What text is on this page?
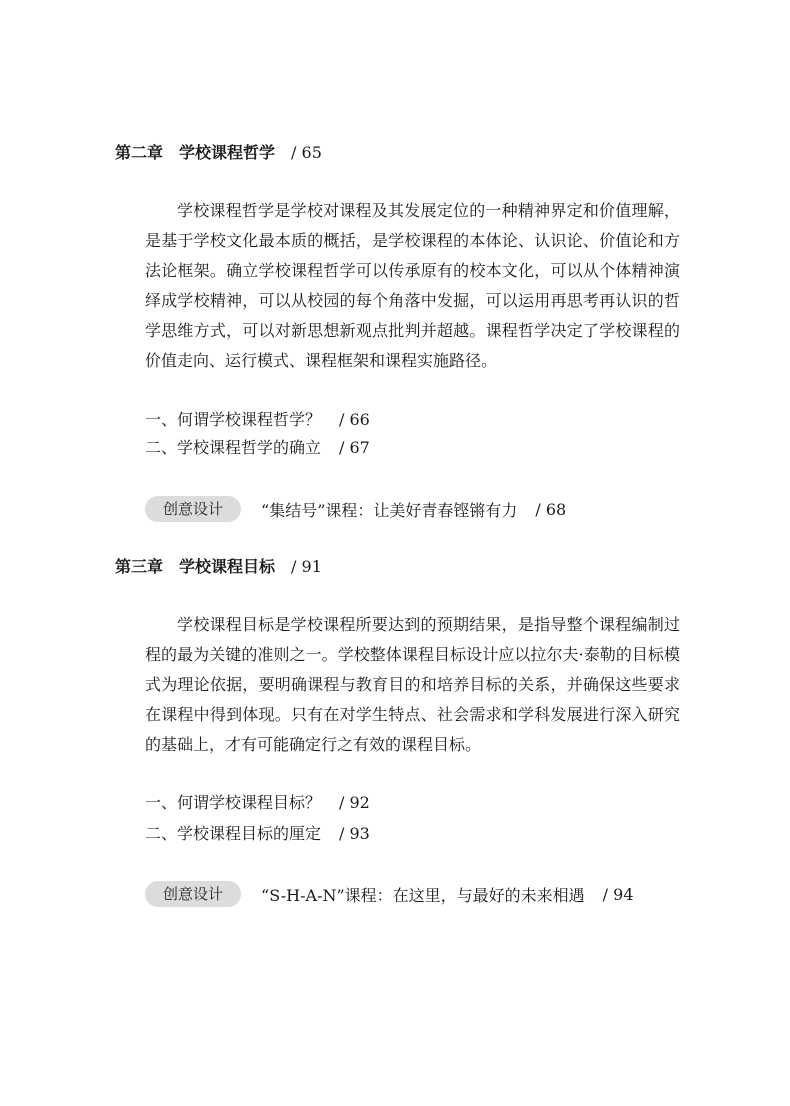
第二章 学校课程哲学 / 65

学校课程哲学是学校对课程及其发展定位的一种精神界定和价值理解，是基于学校文化最本质的概括，是学校课程的本体论、认识论、价值论和方法论框架。确立学校课程哲学可以传承原有的校本文化，可以从个体精神演绎成学校精神，可以从校园的每个角落中发掘，可以运用再思考再认识的哲学思维方式，可以对新思想新观点批判并超越。课程哲学决定了学校课程的价值走向、运行模式、课程框架和课程实施路径。

一、何谓学校课程哲学？ / 66
二、学校课程哲学的确立 / 67
创意设计	“集结号”课程：让美好青春铿锵有力 / 68
第三章 学校课程目标 / 91

学校课程目标是学校课程所要达到的预期结果，是指导整个课程编制过程的最为关键的准则之一。学校整体课程目标设计应以拉尔夫·泰勒的目标模式为理论依据，要明确课程与教育目的和培养目标的关系，并确保这些要求在课程中得到体现。只有在对学生特点、社会需求和学科发展进行深入研究的基础上，才有可能确定行之有效的课程目标。

一、何谓学校课程目标？ / 92
二、学校课程目标的厘定 / 93
创意设计	“S-H-A-N”课程：在这里，与最好的未来相遇 / 94
